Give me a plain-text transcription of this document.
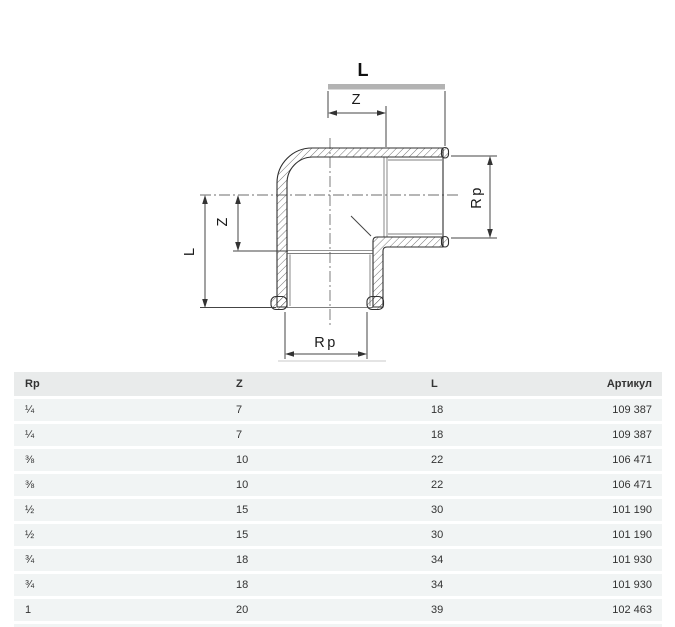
L
Z
L
Z
Rp
Rp
Rp	Z	L	Артикул
¼	7	18	109 387
¼	7	18	109 387
⅜	10	22	106 471
⅜	10	22	106 471
½	15	30	101 190
½	15	30	101 190
¾	18	34	101 930
¾	18	34	101 930
1	20	39	102 463
